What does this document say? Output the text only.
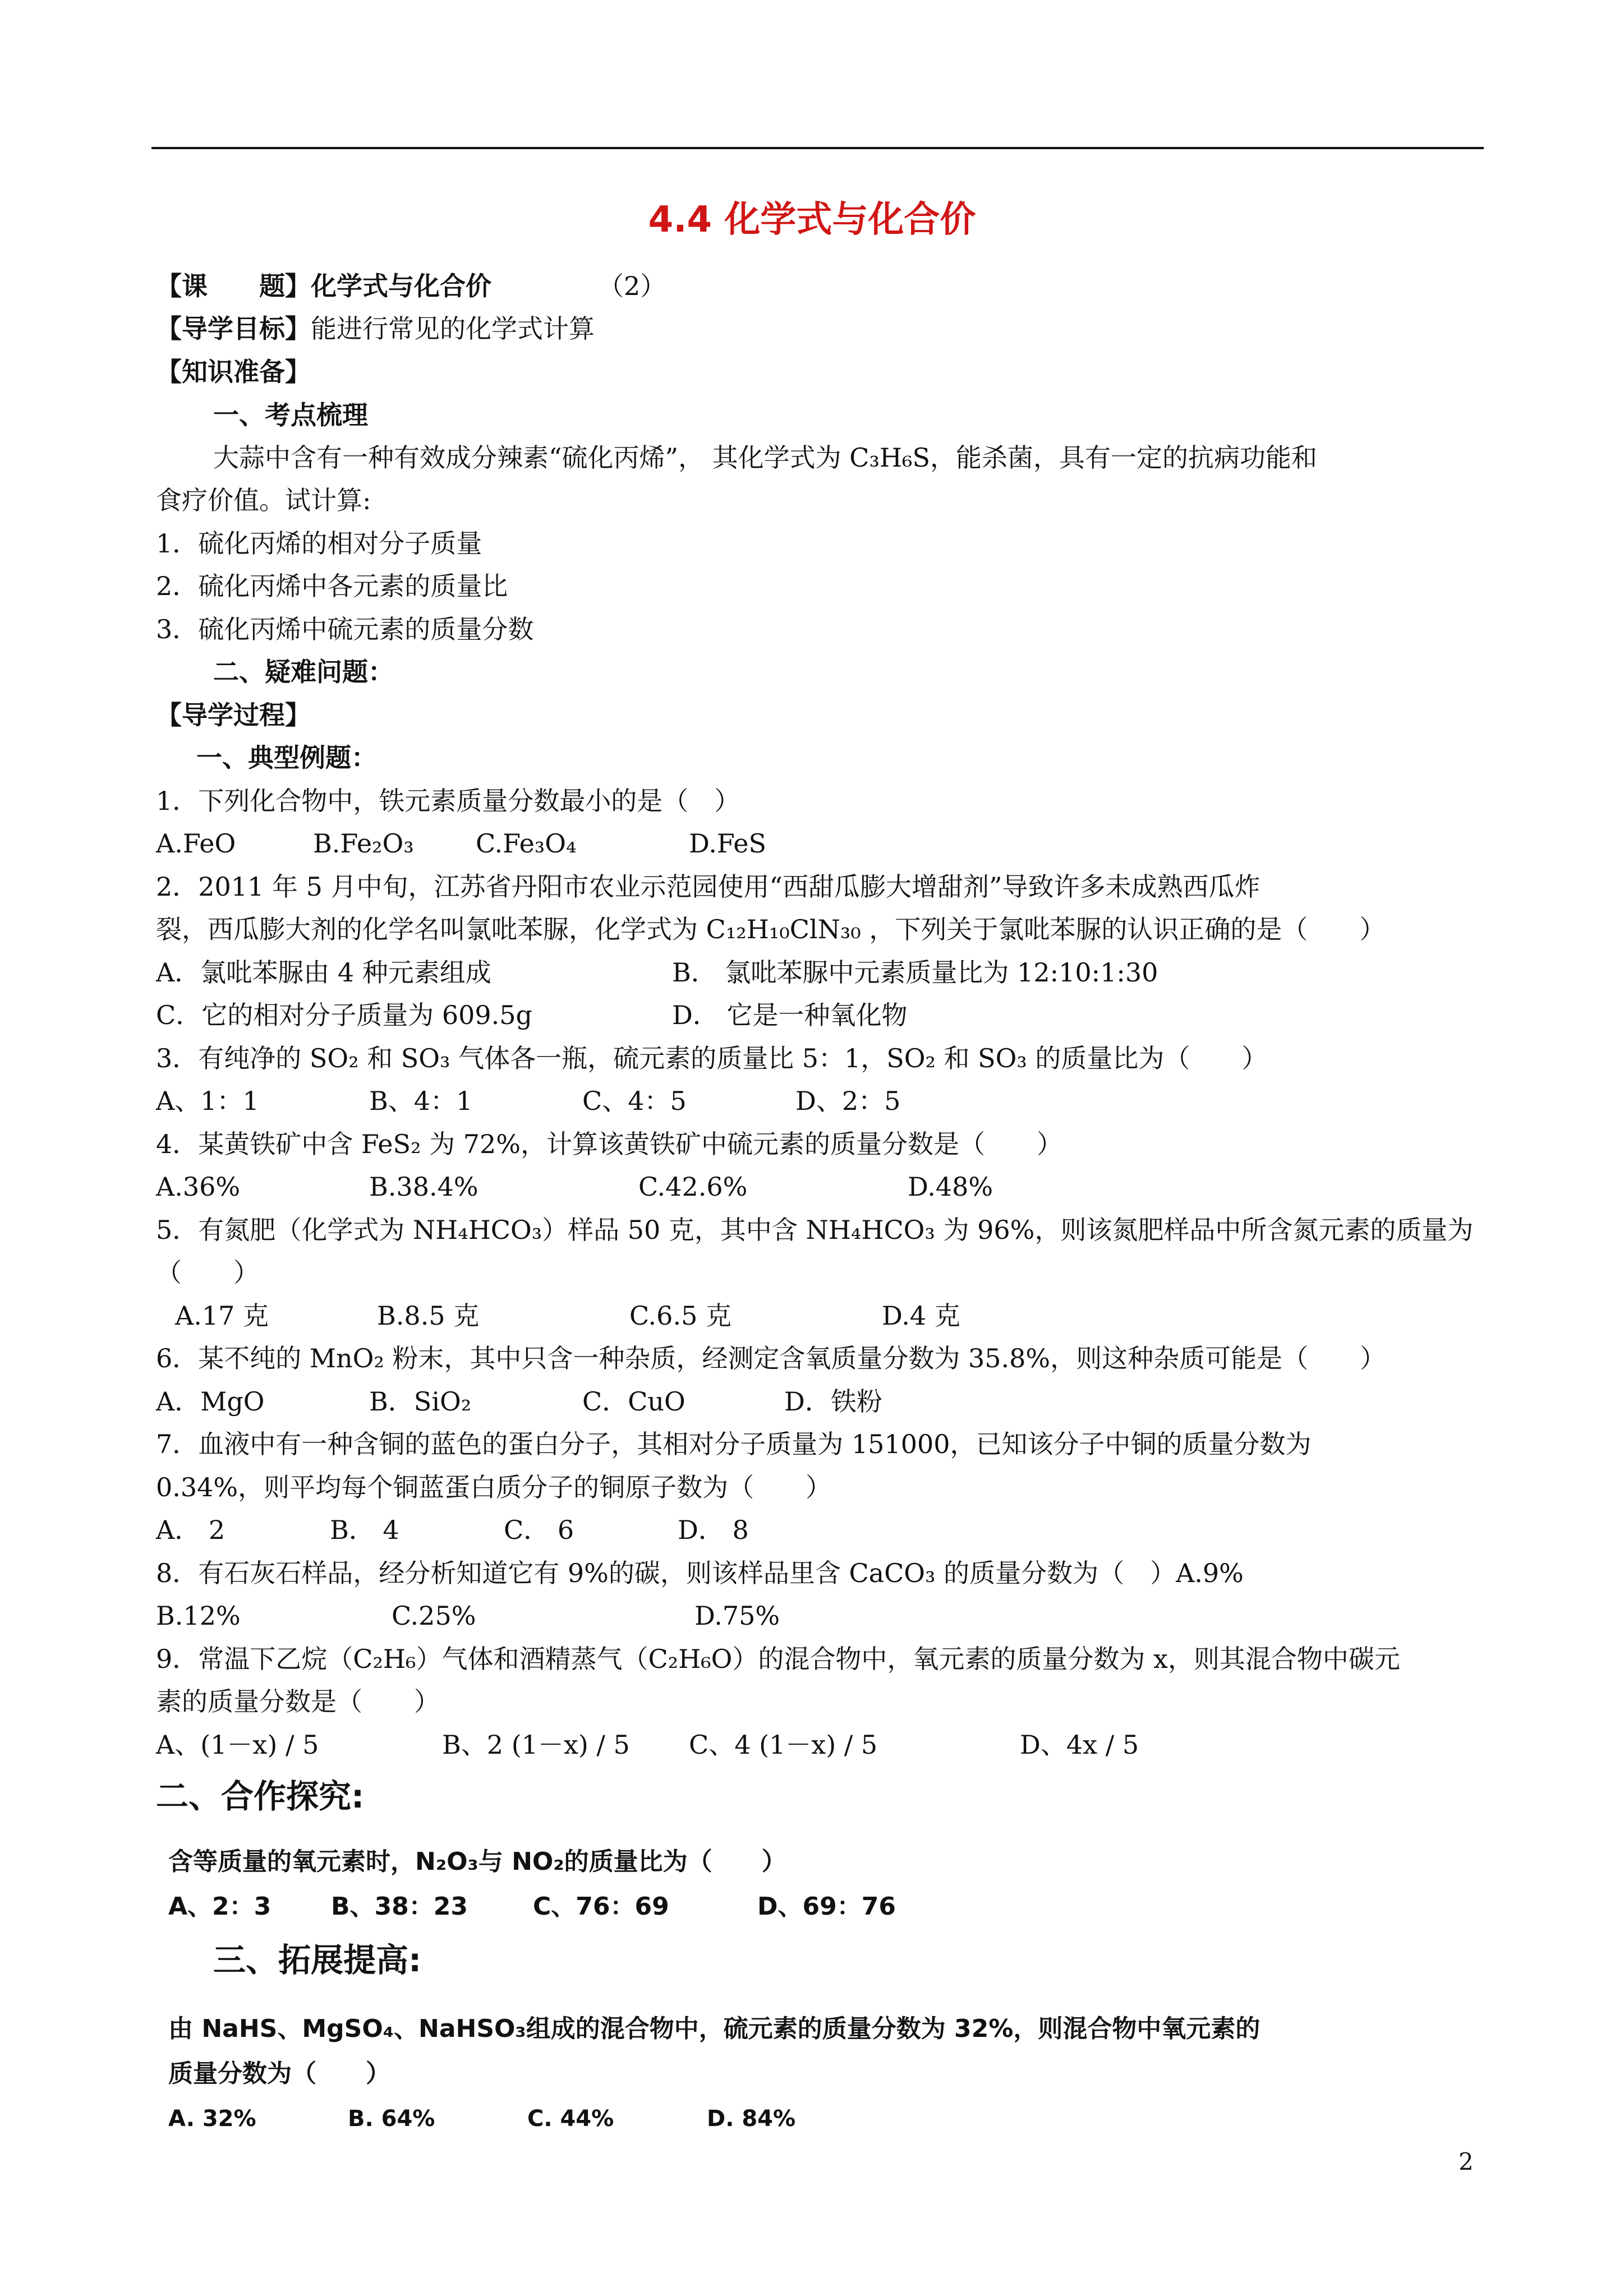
4.4 化学式与化合价
【课　　题】化学式与化合价	（2）
【导学目标】能进行常见的化学式计算
【知识准备】
一、考点梳理
大蒜中含有一种有效成分辣素“硫化丙烯”， 其化学式为 C₃H₆S，能杀菌，具有一定的抗病功能和
食疗价值。试计算:
1．硫化丙烯的相对分子质量
2．硫化丙烯中各元素的质量比
3．硫化丙烯中硫元素的质量分数
二、疑难问题：
【导学过程】
一、典型例题：
1．下列化合物中，铁元素质量分数最小的是（　）
A.FeO	B.Fe₂O₃ C.Fe₃O₄	D.FeS
2．2011 年 5 月中旬，江苏省丹阳市农业示范园使用“西甜瓜膨大增甜剂”导致许多未成熟西瓜炸
裂，西瓜膨大剂的化学名叫氯吡苯脲，化学式为 C₁₂H₁₀ClN₃₀ ，下列关于氯吡苯脲的认识正确的是（　　）
A．氯吡苯脲由 4 种元素组成	B． 氯吡苯脲中元素质量比为 12:10:1:30
C．它的相对分子质量为 609.5g	D． 它是一种氧化物
3．有纯净的 SO₂ 和 SO₃ 气体各一瓶，硫元素的质量比 5：1，SO₂ 和 SO₃ 的质量比为（　　）
A、1：1	B、4：1	C、4：5	D、2：5
4．某黄铁矿中含 FeS₂ 为 72%，计算该黄铁矿中硫元素的质量分数是（　　）
A.36%	B.38.4%	C.42.6%	D.48%
5．有氮肥（化学式为 NH₄HCO₃）样品 50 克，其中含 NH₄HCO₃ 为 96%，则该氮肥样品中所含氮元素的质量为
（　　）
A.17 克	B.8.5 克	C.6.5 克	D.4 克
6．某不纯的 MnO₂ 粉末，其中只含一种杂质，经测定含氧质量分数为 35.8%，则这种杂质可能是（　　）
A．MgO	B．SiO₂	C．CuO	D．铁粉
7．血液中有一种含铜的蓝色的蛋白分子，其相对分子质量为 151000，已知该分子中铜的质量分数为
0.34%，则平均每个铜蓝蛋白质分子的铜原子数为（　　）
A． 2	B． 4	C． 6	D． 8
8．有石灰石样品，经分析知道它有 9%的碳，则该样品里含 CaCO₃ 的质量分数为（　）A.9%
B.12%	C.25%	D.75%
9．常温下乙烷（C₂H₆）气体和酒精蒸气（C₂H₆O）的混合物中，氧元素的质量分数为 x，则其混合物中碳元
素的质量分数是（　　）
A、(1－x) / 5	B、2 (1－x) / 5 C、4 (1－x) / 5	D、4x / 5
二、合作探究:
含等质量的氧元素时，N₂O₃与 NO₂的质量比为（　　）
A、2：3 B、38：23	C、76：69	D、69：76
三、拓展提高:
由 NaHS、MgSO₄、NaHSO₃组成的混合物中，硫元素的质量分数为 32%，则混合物中氧元素的
质量分数为（　　）
A. 32%	B. 64%	C. 44%	D. 84%
2
